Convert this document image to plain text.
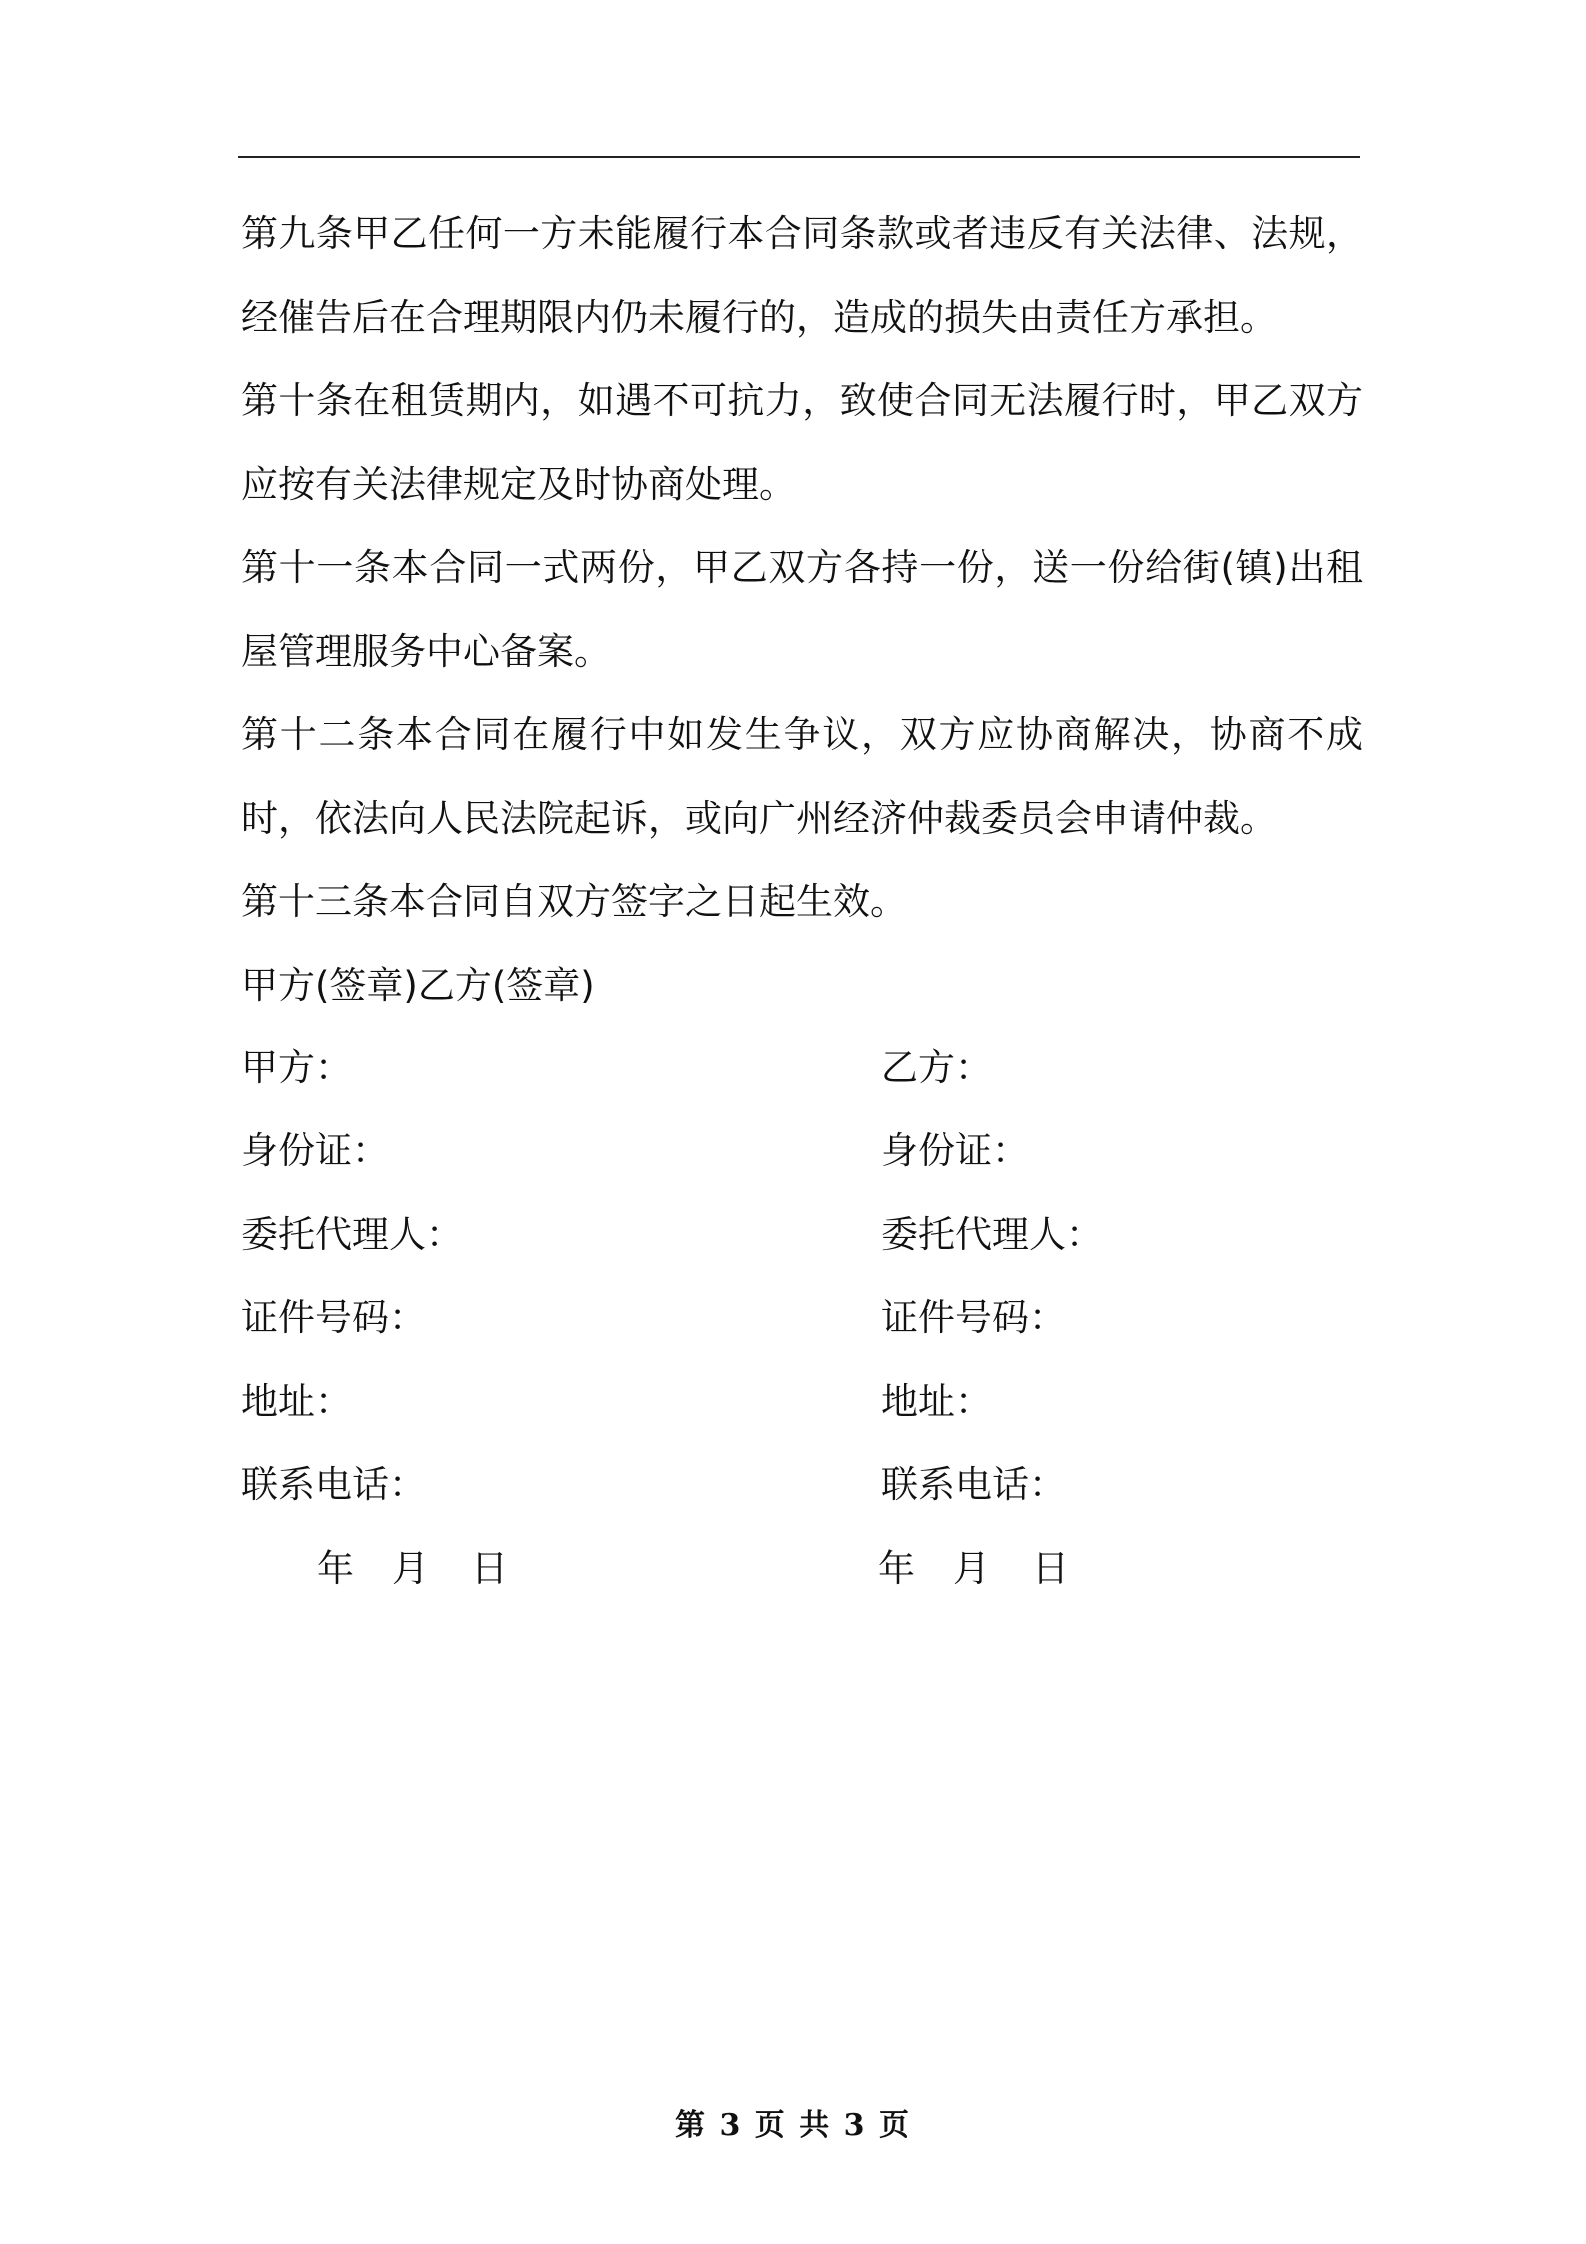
第九条甲乙任何一方未能履行本合同条款或者违反有关法律、法规，经催告后在合理期限内仍未履行的，造成的损失由责任方承担。

第十条在租赁期内，如遇不可抗力，致使合同无法履行时，甲乙双方应按有关法律规定及时协商处理。

第十一条本合同一式两份，甲乙双方各持一份，送一份给街(镇)出租屋管理服务中心备案。

第十二条本合同在履行中如发生争议，双方应协商解决，协商不成时，依法向人民法院起诉，或向广州经济仲裁委员会申请仲裁。

第十三条本合同自双方签字之日起生效。

甲方(签章)乙方(签章)

甲方：	乙方：
身份证：	身份证：
委托代理人：	委托代理人：
证件号码：	证件号码：
地址：	地址：
联系电话：	联系电话：
年 月 日	年 月 日
第 3 页 共 3 页
